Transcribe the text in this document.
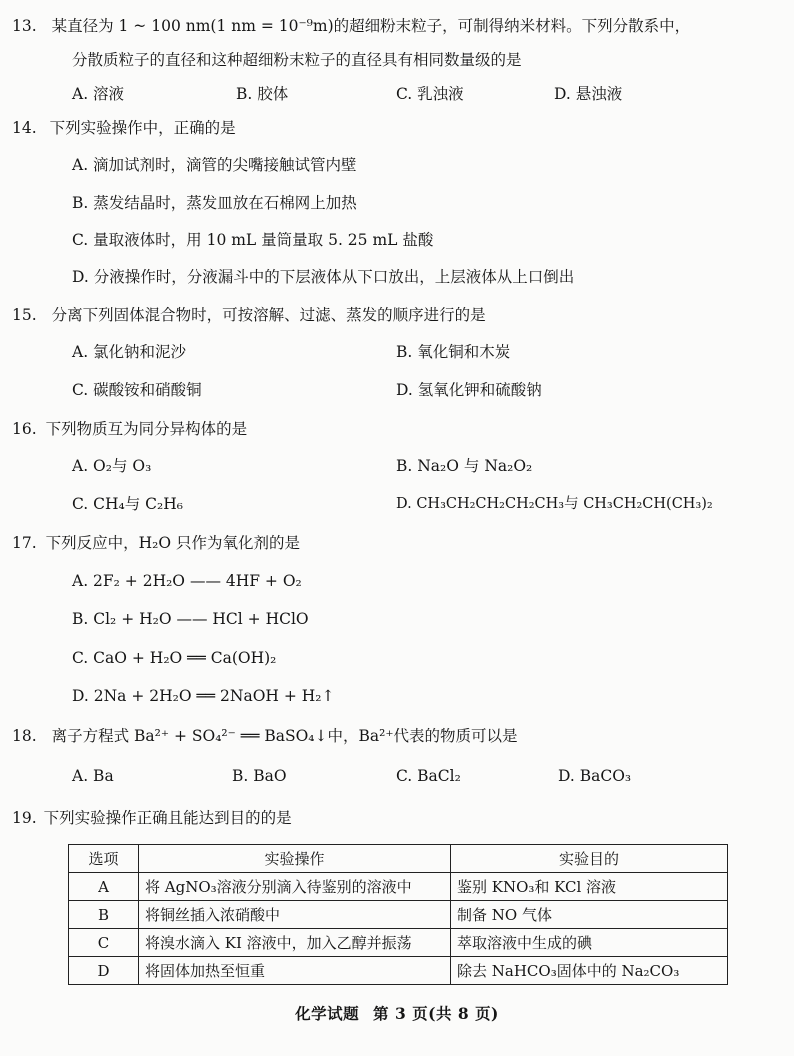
13. 某直径为 1 ~ 100 nm(1 nm = 10⁻⁹m)的超细粉末粒子，可制得纳米材料。下列分散系中，
分散质粒子的直径和这种超细粉末粒子的直径具有相同数量级的是
A. 溶液	B. 胶体	C. 乳浊液	D. 悬浊液
14. 下列实验操作中，正确的是
A. 滴加试剂时，滴管的尖嘴接触试管内壁
B. 蒸发结晶时，蒸发皿放在石棉网上加热
C. 量取液体时，用 10 mL 量筒量取 5. 25 mL 盐酸
D. 分液操作时，分液漏斗中的下层液体从下口放出，上层液体从上口倒出
15. 分离下列固体混合物时，可按溶解、过滤、蒸发的顺序进行的是
A. 氯化钠和泥沙	B. 氧化铜和木炭
C. 碳酸铵和硝酸铜	D. 氢氧化钾和硫酸钠
16. 下列物质互为同分异构体的是
A. O₂与 O₃	B. Na₂O 与 Na₂O₂
C. CH₄与 C₂H₆	D. CH₃CH₂CH₂CH₂CH₃与 CH₃CH₂CH(CH₃)₂
17. 下列反应中，H₂O 只作为氧化剂的是
A. 2F₂ + 2H₂O —— 4HF + O₂
B. Cl₂ + H₂O —— HCl + HClO
C. CaO + H₂O ══ Ca(OH)₂
D. 2Na + 2H₂O ══ 2NaOH + H₂↑
18. 离子方程式 Ba²⁺ + SO₄²⁻ ══ BaSO₄↓中，Ba²⁺代表的物质可以是
A. Ba	B. BaO	C. BaCl₂	D. BaCO₃
19. 下列实验操作正确且能达到目的的是
选项	实验操作	实验目的
A	将 AgNO₃溶液分别滴入待鉴别的溶液中	鉴别 KNO₃和 KCl 溶液
B	将铜丝插入浓硝酸中	制备 NO 气体
C	将溴水滴入 KI 溶液中，加入乙醇并振荡	萃取溶液中生成的碘
D	将固体加热至恒重	除去 NaHCO₃固体中的 Na₂CO₃
化学试题 第 3 页(共 8 页)
